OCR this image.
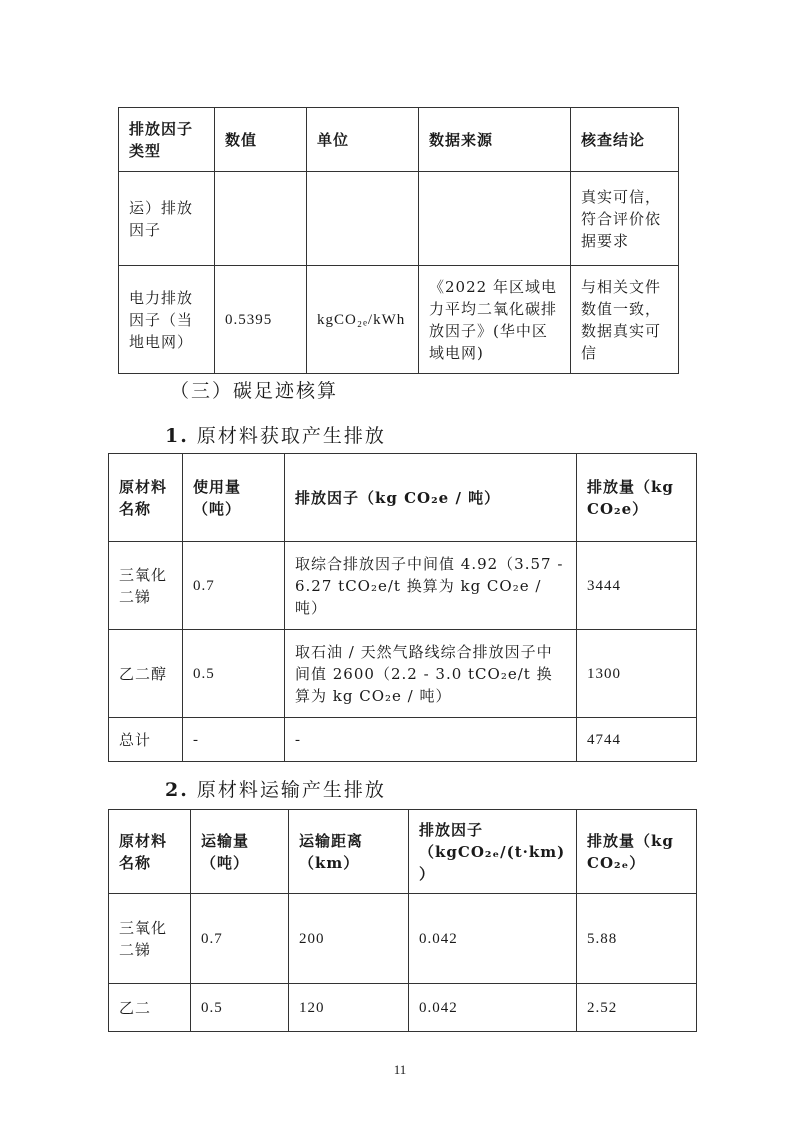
排放因子类型	数值	单位	数据来源	核查结论
运）排放因子				真实可信，符合评价依据要求
电力排放因子（当地电网）	0.5395	kgCO₂ₑ/kWh	《2022 年区域电力平均二氧化碳排放因子》(华中区域电网)	与相关文件数值一致，数据真实可信
（三）碳足迹核算
1. 原材料获取产生排放
原材料名称	使用量（吨）	排放因子（kg CO₂e / 吨）	排放量（kg CO₂e）
三氧化二锑	0.7	取综合排放因子中间值 4.92（3.57 - 6.27 tCO₂e/t 换算为 kg CO₂e / 吨）	3444
乙二醇	0.5	取石油 / 天然气路线综合排放因子中间值 2600（2.2 - 3.0 tCO₂e/t 换算为 kg CO₂e / 吨）	1300
总计	-	-	4744
2. 原材料运输产生排放
原材料名称	运输量（吨）	运输距离（km）	排放因子（kgCO₂ₑ/(t·km)）	排放量（kg CO₂ₑ）
三氧化二锑	0.7	200	0.042	5.88
乙二	0.5	120	0.042	2.52
11
